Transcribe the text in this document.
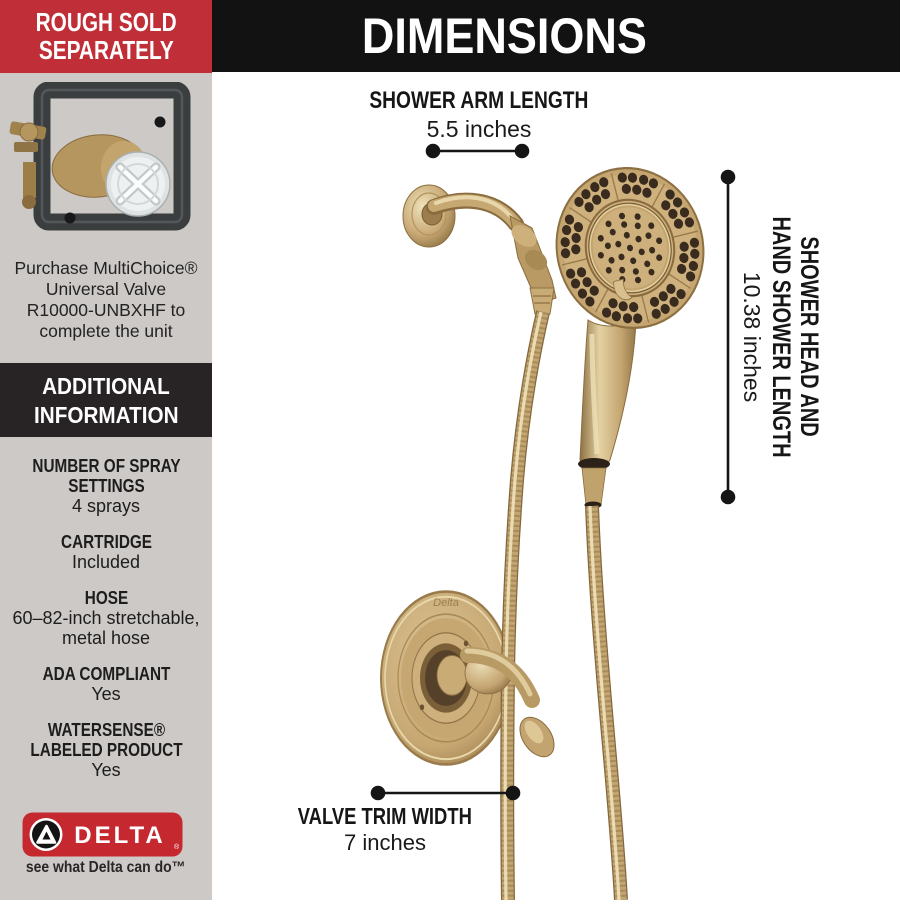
Delta
ROUGH SOLD
SEPARATELY
Purchase MultiChoice®
Universal Valve
R10000-UNBXHF to
complete the unit
ADDITIONAL
INFORMATION
NUMBER OF SPRAY SETTINGS
4 sprays
CARTRIDGE
Included
HOSE
60–82-inch stretchable, metal hose
ADA COMPLIANT
Yes
WATERSENSE® LABELED PRODUCT
Yes
DELTA ®
see what Delta can do™
DIMENSIONS
SHOWER ARM LENGTH
5.5 inches
SHOWER HEAD AND
HAND SHOWER LENGTH
10.38 inches
VALVE TRIM WIDTH
7 inches
